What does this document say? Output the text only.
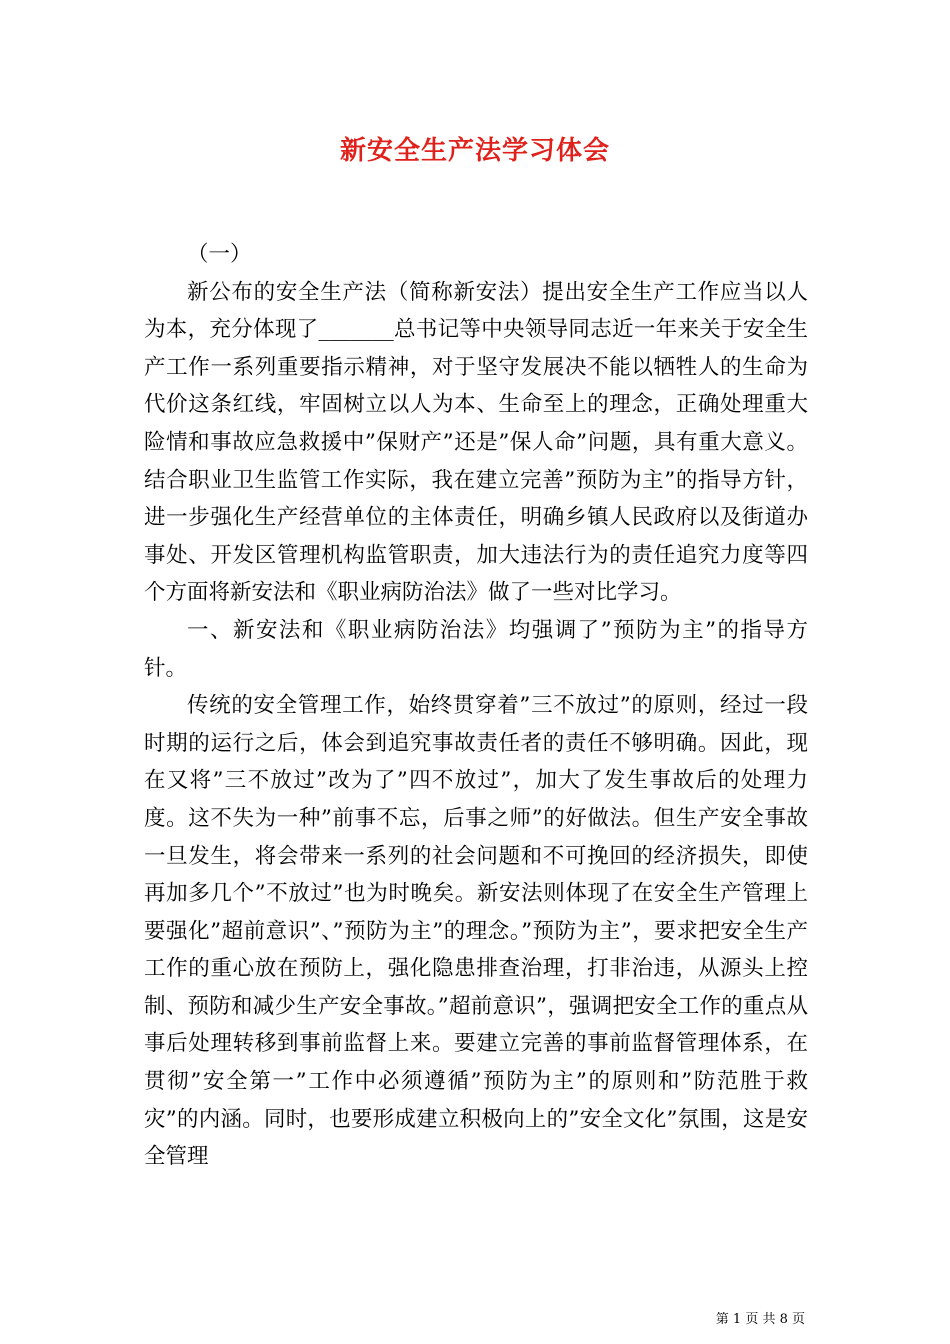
新安全生产法学习体会

（一）

新公布的安全生产法（简称新安法）提出安全生产工作应当以人为本，充分体现了_______总书记等中央领导同志近一年来关于安全生产工作一系列重要指示精神，对于坚守发展决不能以牺牲人的生命为代价这条红线，牢固树立以人为本、生命至上的理念，正确处理重大险情和事故应急救援中”保财产”还是”保人命”问题，具有重大意义。结合职业卫生监管工作实际，我在建立完善”预防为主”的指导方针，进一步强化生产经营单位的主体责任，明确乡镇人民政府以及街道办事处、开发区管理机构监管职责，加大违法行为的责任追究力度等四个方面将新安法和《职业病防治法》做了一些对比学习。

一、新安法和《职业病防治法》均强调了”预防为主”的指导方针。

传统的安全管理工作，始终贯穿着”三不放过”的原则，经过一段时期的运行之后，体会到追究事故责任者的责任不够明确。因此，现在又将”三不放过”改为了”四不放过”，加大了发生事故后的处理力度。这不失为一种”前事不忘，后事之师”的好做法。但生产安全事故一旦发生，将会带来一系列的社会问题和不可挽回的经济损失，即使再加多几个”不放过”也为时晚矣。新安法则体现了在安全生产管理上要强化”超前意识”、”预防为主”的理念。”预防为主”，要求把安全生产工作的重心放在预防上，强化隐患排查治理，打非治违，从源头上控制、预防和减少生产安全事故。”超前意识”，强调把安全工作的重点从事后处理转移到事前监督上来。要建立完善的事前监督管理体系，在贯彻”安全第一”工作中必须遵循”预防为主”的原则和”防范胜于救灾”的内涵。同时，也要形成建立积极向上的”安全文化”氛围，这是安全管理

第 1 页 共 8 页
